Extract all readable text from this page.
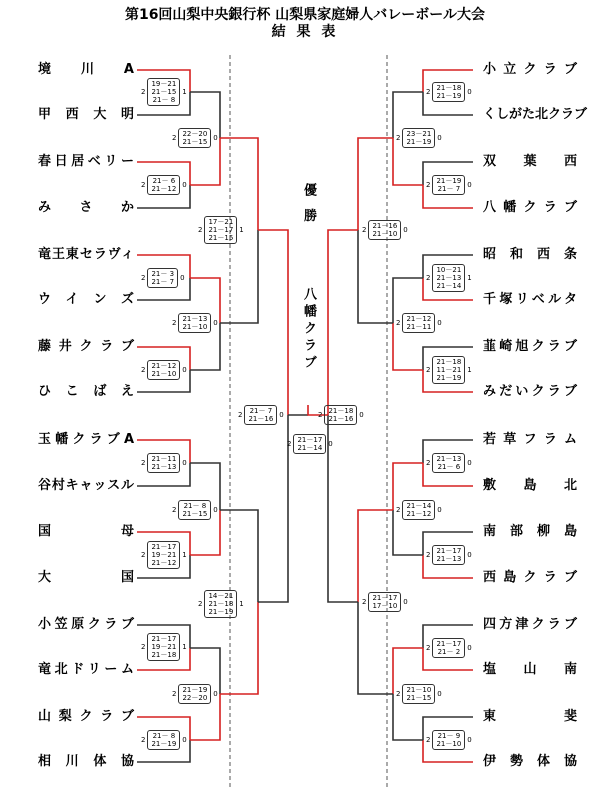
第16回山梨中央銀行杯 山梨県家庭婦人バレーボール大会
結 果 表
優 勝
八幡クラブ
境 川 A
甲西大明
春日居ベリー
みさか
竜王東セラヴィ
ウインズ
藤井クラブ
ひこばえ
玉幡クラブA
谷村キャッスル
国 母
大 国
小笠原クラブ
竜北ドリーム
山梨クラブ
相川体協
小立クラブ
くしがた北クラブ
双 葉 西
八幡クラブ
昭 和 西 条
千塚リベルタ
韮崎旭クラブ
みだいクラブ
若草フラム
敷 島 北
南部柳島
西島クラブ
四方津クラブ
塩 山 南
東 斐
伊勢体協
2
19－21
21－15
21－ 8
1
2 21－ 6
21－12 0
2 21－ 3
21－ 7 0
2 21－12
21－10 0
2 21－11
21－13 0
2
21－17
19－21
21－12
1
2
21－17
19－21
21－18
1
2 21－ 8
21－19 0
2 22－20
21－15 0
2 21－13
21－10 0
2 21－ 8
21－15 0
2 21－19
22－20 0
2
17－21
21－17
21－15
1
2
14－21
21－18
21－19
1
2 21－ 7
21－16 0
2 21－18
21－19 0
2 21－19
21－ 7 0
2
10－21
21－13
21－14
1
2
21－18
11－21
21－19
1
2 21－13
21－ 6 0
2 21－17
21－13 0
2 21－17
21－ 2 0
2 21－ 9
21－10 0
2 23－21
21－19 0
2 21－12
21－11 0
2 21－14
21－12 0
2 21－10
21－15 0
2 21－16
21－10 0
2 21－17
17－10 0
2 21－18
21－16 0
2 21－17
21－14 0
